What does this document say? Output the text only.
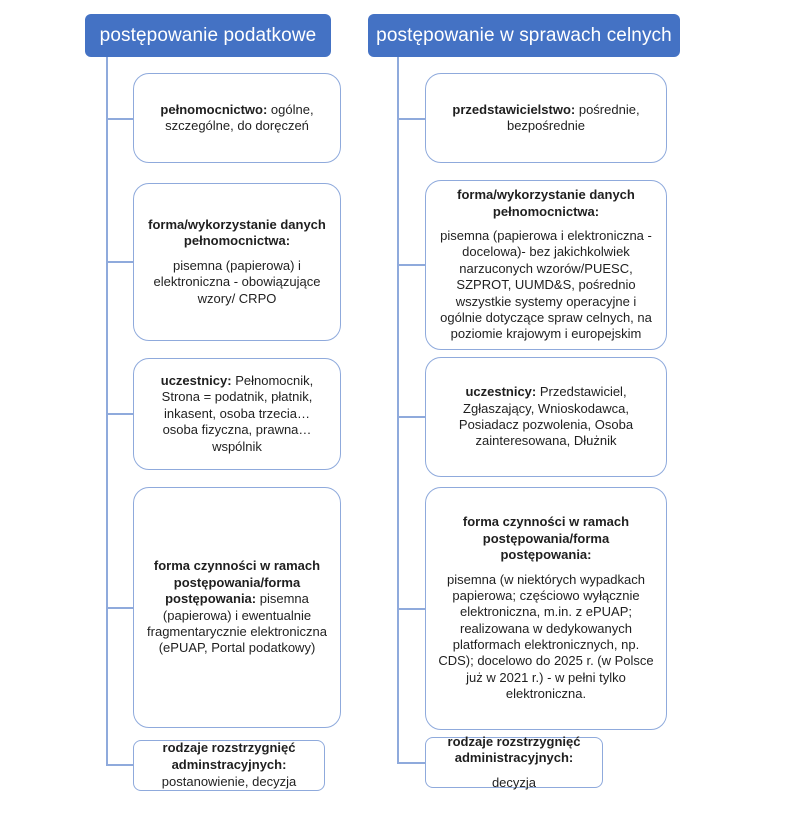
postępowanie podatkowe	postępowanie w sprawach celnych
pełnomocnictwo: ogólne, szczególne, do doręczeń
forma/wykorzystanie danych pełnomocnictwa:
pisemna (papierowa) i elektroniczna - obowiązujące wzory/ CRPO
uczestnicy: Pełnomocnik, Strona = podatnik, płatnik, inkasent, osoba trzecia… osoba fizyczna, prawna…wspólnik
forma czynności w ramach postępowania/forma postępowania: pisemna (papierowa) i ewentualnie fragmentarycznie elektroniczna (ePUAP, Portal podatkowy)
rodzaje rozstrzygnięć adminstracyjnych:
postanowienie, decyzja
przedstawicielstwo: pośrednie, bezpośrednie
forma/wykorzystanie danych pełnomocnictwa:
pisemna (papierowa i elektroniczna - docelowa)- bez jakichkolwiek narzuconych wzorów/PUESC, SZPROT, UUMD&S, pośrednio wszystkie systemy operacyjne i ogólnie dotyczące spraw celnych, na poziomie krajowym i europejskim
uczestnicy: Przedstawiciel, Zgłaszający, Wnioskodawca, Posiadacz pozwolenia, Osoba zainteresowana, Dłużnik
forma czynności w ramach postępowania/forma postępowania:
pisemna (w niektórych wypadkach papierowa; częściowo wyłącznie elektroniczna, m.in. z ePUAP; realizowana w dedykowanych platformach elektronicznych, np. CDS); docelowo do 2025 r. (w Polsce już w 2021 r.) - w pełni tylko elektroniczna.
rodzaje rozstrzygnięć administracyjnych:
decyzja
